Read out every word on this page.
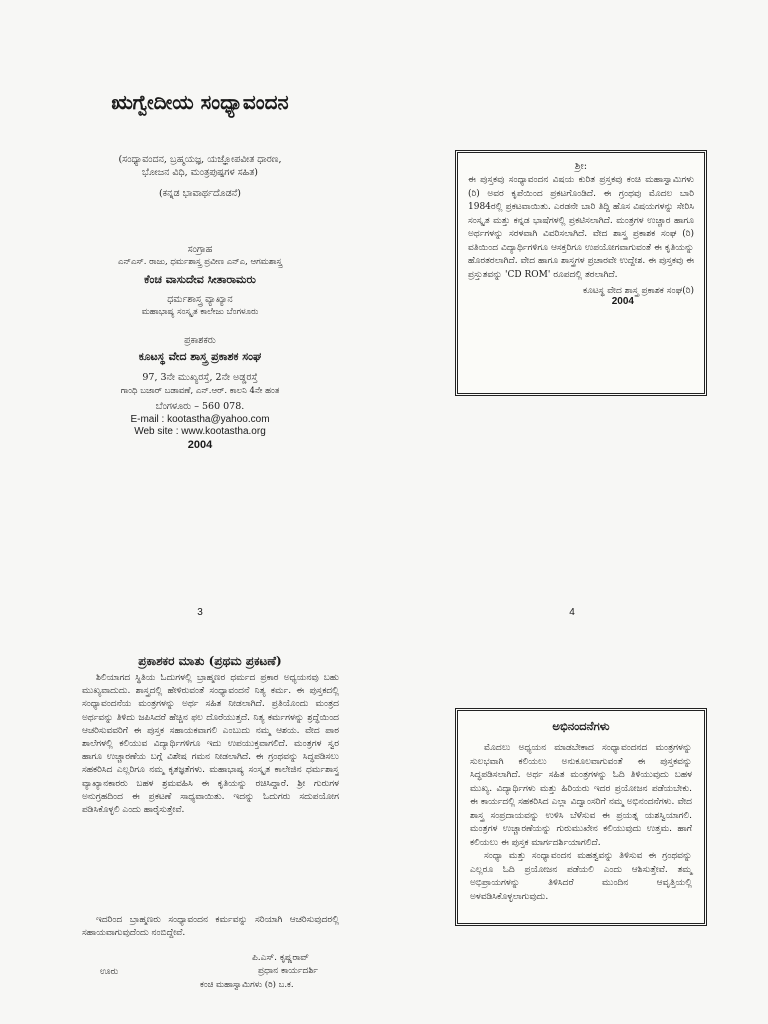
ಋಗ್ವೇದೀಯ ಸಂಧ್ಯಾವಂದನ
(ಸಂಧ್ಯಾವಂದನ, ಬ್ರಹ್ಮಯಜ್ಞ, ಯಜ್ಞೋಪವೀತ ಧಾರಣ,
ಭೋಜನ ವಿಧಿ, ಮಂತ್ರಪುಷ್ಪಗಳ ಸಹಿತ)
(ಕನ್ನಡ ಭಾವಾರ್ಥದೊಡನೆ)
ಸಂಗ್ರಾಹ
ಎನ್‌ಎಸ್. ರಾಜು, ಧರ್ಮಶಾಸ್ತ್ರ ಪ್ರವೀಣ ಎನ್ಎ, ಆಗಮಶಾಸ್ತ್ರ
ಕೆಂಚ ವಾಸುದೇವ ಸೀತಾರಾಮರು
ಧರ್ಮಶಾಸ್ತ್ರ ವ್ಯಾಖ್ಯಾನ
ಮಹಾಭಾಷ್ಯ ಸಂಸ್ಕೃತ ಕಾಲೇಜು ಬೆಂಗಳೂರು
ಪ್ರಕಾಶಕರು
ಕೂಟಸ್ಥ ವೇದ ಶಾಸ್ತ್ರ ಪ್ರಕಾಶಕ ಸಂಘ
97, 3ನೇ ಮುಖ್ಯರಸ್ತೆ, 2ನೇ ಅಡ್ಡರಸ್ತೆ
ಗಾಂಧಿ ಬಜಾರ್ ಬಡಾವಣೆ, ಎನ್.ಆರ್. ಕಾಲನಿ 4ನೇ ಹಂತ
ಬೆಂಗಳೂರು – 560 078.
E-mail : kootastha@yahoo.com
Web site : www.kootastha.org
2004
3
ಶ್ರೀ:
ಈ ಪುಸ್ತಕವು ಸಂಧ್ಯಾವಂದನ ವಿಷಯ ಕುರಿತ ಪ್ರಸ್ತಕವು ಕಂಚಿ ಮಹಾಸ್ವಾಮಿಗಳು (ರಿ) ಅವರ ಕೃಪೆಯಿಂದ ಪ್ರಕಟಗೊಂಡಿದೆ. ಈ ಗ್ರಂಥವು ಮೊದಲ ಬಾರಿ 1984ರಲ್ಲಿ ಪ್ರಕಟವಾಯಿತು. ಎರಡನೇ ಬಾರಿ ತಿದ್ದಿ ಹೊಸ ವಿಷಯಗಳನ್ನು ಸೇರಿಸಿ ಸಂಸ್ಕೃತ ಮತ್ತು ಕನ್ನಡ ಭಾಷೆಗಳಲ್ಲಿ ಪ್ರಕಟಿಸಲಾಗಿದೆ. ಮಂತ್ರಗಳ ಉಚ್ಚಾರ ಹಾಗೂ ಅರ್ಥಗಳನ್ನು ಸರಳವಾಗಿ ವಿವರಿಸಲಾಗಿದೆ. ವೇದ ಶಾಸ್ತ್ರ ಪ್ರಕಾಶಕ ಸಂಘ (ರಿ) ವತಿಯಿಂದ ವಿದ್ಯಾರ್ಥಿಗಳಿಗೂ ಆಸಕ್ತರಿಗೂ ಉಪಯೋಗವಾಗುವಂತೆ ಈ ಕೃತಿಯನ್ನು ಹೊರತರಲಾಗಿದೆ. ವೇದ ಹಾಗೂ ಶಾಸ್ತ್ರಗಳ ಪ್ರಚಾರವೇ ಉದ್ದೇಶ. ಈ ಪುಸ್ತಕವು ಈ ಪ್ರಸ್ತುತವನ್ನು 'CD ROM' ರೂಪದಲ್ಲಿ ತರಲಾಗಿದೆ.
ಕೂಟಸ್ಥ ವೇದ ಶಾಸ್ತ್ರ ಪ್ರಕಾಶಕ ಸಂಘ(ರಿ)
2004
4
ಪ್ರಕಾಶಕರ ಮಾತು (ಪ್ರಥಮ ಪ್ರಕಟಣೆ)

ಶಿಲಿಯಾಗದ ಸ್ಥಿತಿಯ ಓದುಗಳಲ್ಲಿ ಬ್ರಾಹ್ಮಣರ ಧರ್ಮದ ಪ್ರಕಾರ ಅಧ್ಯಯನವು ಬಹು ಮುಖ್ಯವಾದುದು. ಶಾಸ್ತ್ರದಲ್ಲಿ ಹೇಳಿರುವಂತೆ ಸಂಧ್ಯಾವಂದನೆ ನಿತ್ಯ ಕರ್ಮ. ಈ ಪುಸ್ತಕದಲ್ಲಿ ಸಂಧ್ಯಾವಂದನೆಯ ಮಂತ್ರಗಳನ್ನು ಅರ್ಥ ಸಹಿತ ನೀಡಲಾಗಿದೆ. ಪ್ರತಿಯೊಂದು ಮಂತ್ರದ ಅರ್ಥವನ್ನು ತಿಳಿದು ಜಪಿಸಿದರೆ ಹೆಚ್ಚಿನ ಫಲ ದೊರೆಯುತ್ತದೆ. ನಿತ್ಯ ಕರ್ಮಗಳನ್ನು ಶ್ರದ್ಧೆಯಿಂದ ಆಚರಿಸುವವರಿಗೆ ಈ ಪುಸ್ತಕ ಸಹಾಯಕವಾಗಲಿ ಎಂಬುದು ನಮ್ಮ ಆಶಯ. ವೇದ ಪಾಠ ಶಾಲೆಗಳಲ್ಲಿ ಕಲಿಯುವ ವಿದ್ಯಾರ್ಥಿಗಳಿಗೂ ಇದು ಉಪಯುಕ್ತವಾಗಲಿದೆ. ಮಂತ್ರಗಳ ಸ್ವರ ಹಾಗೂ ಉಚ್ಚಾರಣೆಯ ಬಗ್ಗೆ ವಿಶೇಷ ಗಮನ ನೀಡಲಾಗಿದೆ. ಈ ಗ್ರಂಥವನ್ನು ಸಿದ್ಧಪಡಿಸಲು ಸಹಕರಿಸಿದ ಎಲ್ಲರಿಗೂ ನಮ್ಮ ಕೃತಜ್ಞತೆಗಳು. ಮಹಾಭಾಷ್ಯ ಸಂಸ್ಕೃತ ಕಾಲೇಜಿನ ಧರ್ಮಶಾಸ್ತ್ರ ವ್ಯಾಖ್ಯಾನಕಾರರು ಬಹಳ ಶ್ರಮವಹಿಸಿ ಈ ಕೃತಿಯನ್ನು ರಚಿಸಿದ್ದಾರೆ. ಶ್ರೀ ಗುರುಗಳ ಅನುಗ್ರಹದಿಂದ ಈ ಪ್ರಕಟಣೆ ಸಾಧ್ಯವಾಯಿತು. ಇದನ್ನು ಓದುಗರು ಸದುಪಯೋಗ ಪಡಿಸಿಕೊಳ್ಳಲಿ ಎಂದು ಹಾರೈಸುತ್ತೇವೆ.

ಇದರಿಂದ ಬ್ರಾಹ್ಮಣರು ಸಂಧ್ಯಾವಂದನ ಕರ್ಮವನ್ನು ಸರಿಯಾಗಿ ಆಚರಿಸುವುದರಲ್ಲಿ ಸಹಾಯವಾಗುವುದೆಂದು ನಂಬಿದ್ದೇವೆ.

ಪಿ.ಎಸ್. ಕೃಷ್ಣರಾವ್
ಪ್ರಧಾನ ಕಾರ್ಯದರ್ಶಿ
ಊರು
ಕಂಚಿ ಮಹಾಸ್ವಾಮಿಗಳು (ರಿ) ಬ.ಕ.
ಅಭಿನಂದನೆಗಳು

ಮೊದಲು ಅಧ್ಯಯನ ಮಾಡಬೇಕಾದ ಸಂಧ್ಯಾವಂದನದ ಮಂತ್ರಗಳನ್ನು ಸುಲಭವಾಗಿ ಕಲಿಯಲು ಅನುಕೂಲವಾಗುವಂತೆ ಈ ಪುಸ್ತಕವನ್ನು ಸಿದ್ಧಪಡಿಸಲಾಗಿದೆ. ಅರ್ಥ ಸಹಿತ ಮಂತ್ರಗಳನ್ನು ಓದಿ ತಿಳಿಯುವುದು ಬಹಳ ಮುಖ್ಯ. ವಿದ್ಯಾರ್ಥಿಗಳು ಮತ್ತು ಹಿರಿಯರು ಇದರ ಪ್ರಯೋಜನ ಪಡೆಯಬೇಕು. ಈ ಕಾರ್ಯದಲ್ಲಿ ಸಹಕರಿಸಿದ ಎಲ್ಲಾ ವಿದ್ವಾಂಸರಿಗೆ ನಮ್ಮ ಅಭಿನಂದನೆಗಳು. ವೇದ ಶಾಸ್ತ್ರ ಸಂಪ್ರದಾಯವನ್ನು ಉಳಿಸಿ ಬೆಳೆಸುವ ಈ ಪ್ರಯತ್ನ ಯಶಸ್ವಿಯಾಗಲಿ. ಮಂತ್ರಗಳ ಉಚ್ಚಾರಣೆಯನ್ನು ಗುರುಮುಖೇನ ಕಲಿಯುವುದು ಉತ್ತಮ. ಹಾಗೆ ಕಲಿಯಲು ಈ ಪುಸ್ತಕ ಮಾರ್ಗದರ್ಶಿಯಾಗಲಿದೆ.

ಸಂಧ್ಯಾ ಮತ್ತು ಸಂಧ್ಯಾವಂದನ ಮಹತ್ವವನ್ನು ತಿಳಿಸುವ ಈ ಗ್ರಂಥವನ್ನು ಎಲ್ಲರೂ ಓದಿ ಪ್ರಯೋಜನ ಪಡೆಯಲಿ ಎಂದು ಆಶಿಸುತ್ತೇವೆ. ತಮ್ಮ ಅಭಿಪ್ರಾಯಗಳನ್ನು ತಿಳಿಸಿದರೆ ಮುಂದಿನ ಆವೃತ್ತಿಯಲ್ಲಿ ಅಳವಡಿಸಿಕೊಳ್ಳಲಾಗುವುದು.
